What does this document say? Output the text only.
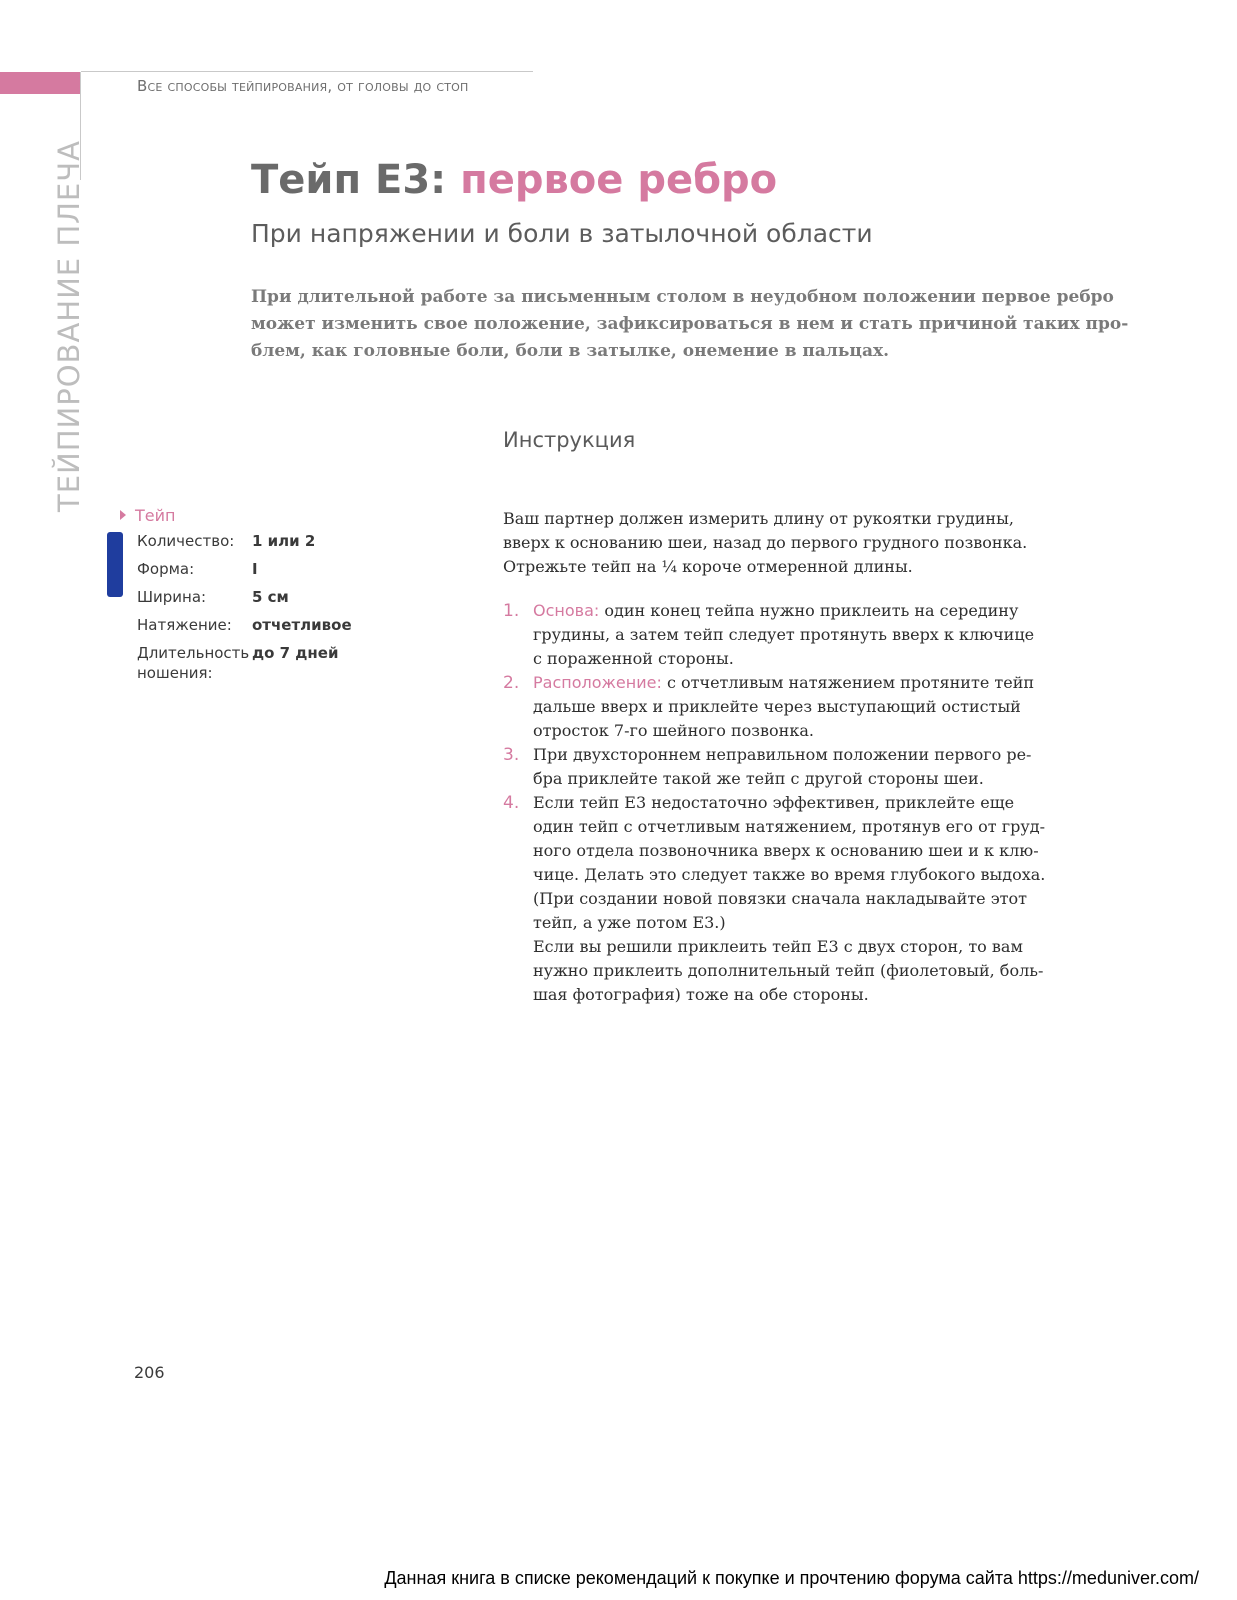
Все способы тейпирования, от головы до стоп
ТЕЙПИРОВАНИЕ ПЛЕЧА	Тейп E3: первое ребро
При напряжении и боли в затылочной области
При длительной работе за письменным столом в неудобном положении первое ребро
может изменить свое положение, зафиксироваться в нем и стать причиной таких про-
блем, как головные боли, боли в затылке, онемение в пальцах.
Инструкция
Тейп
Количество:	1 или 2
Форма:	I
Ширина:	5 см
Натяжение:	отчетливое
Длительность ношения:
до 7 дней
Ваш партнер должен измерить длину от рукоятки грудины,
вверх к основанию шеи, назад до первого грудного позвонка.
Отрежьте тейп на ¼ короче отмеренной длины.
1. Основа: один конец тейпа нужно приклеить на середину
грудины, а затем тейп следует протянуть вверх к ключице
с пораженной стороны.
2. Расположение: с отчетливым натяжением протяните тейп
дальше вверх и приклейте через выступающий остистый
отросток 7-го шейного позвонка.
3. При двухстороннем неправильном положении первого ре-
бра приклейте такой же тейп с другой стороны шеи.
4. Если тейп E3 недостаточно эффективен, приклейте еще
один тейп с отчетливым натяжением, протянув его от груд-
ного отдела позвоночника вверх к основанию шеи и к клю-
чице. Делать это следует также во время глубокого выдоха.
(При создании новой повязки сначала накладывайте этот
тейп, а уже потом E3.)
Если вы решили приклеить тейп E3 с двух сторон, то вам
нужно приклеить дополнительный тейп (фиолетовый, боль-
шая фотография) тоже на обе стороны.
206
Данная книга в списке рекомендаций к покупке и прочтению форума сайта https://meduniver.com/
